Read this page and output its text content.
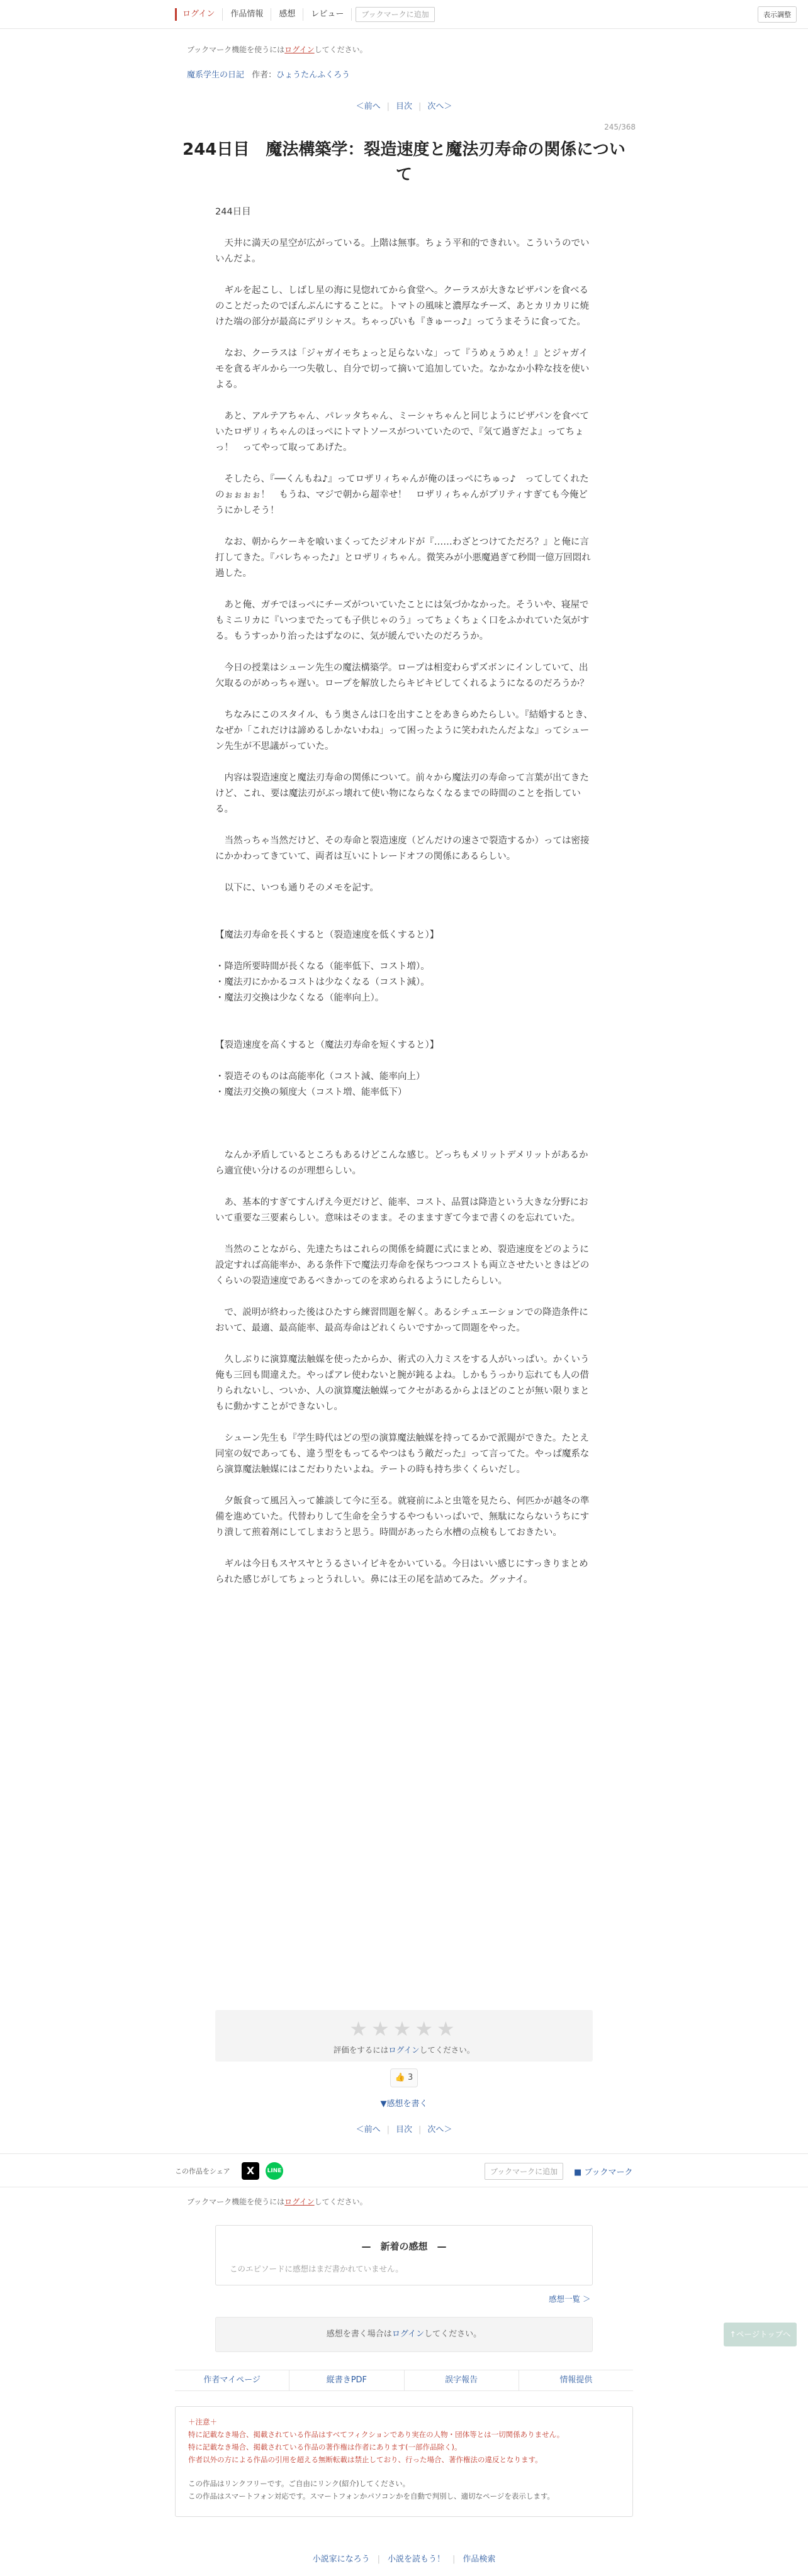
ログイン	作品情報	感想	レビュー	ブックマークに追加	表示調整
ブックマーク機能を使うにはログインしてください。
魔系学生の日記 作者：ひょうたんふくろう
＜前へ | 目次 | 次へ＞
245/368
244日目　魔法構築学：裂造速度と魔法刃寿命の関係について

244日目

　天井に満天の星空が広がっている。上階は無事。ちょう平和的できれい。こういうのでいいんだよ。

　ギルを起こし、しばし星の海に見惚れてから食堂へ。クーラスが大きなピザパンを食べるのことだったのでぼんぷんにすることに。トマトの風味と濃厚なチーズ、あとカリカリに焼けた端の部分が最高にデリシャス。ちゃっぴいも『きゅーっ♪』ってうまそうに食ってた。

　なお、クーラスは「ジャガイモちょっと足らないな」って『うめぇうめぇ！』とジャガイモを貪るギルから一つ失敬し、自分で切って摘いて追加していた。なかなか小粋な技を使いよる。

　あと、アルテアちゃん、パレッタちゃん、ミーシャちゃんと同じようにピザパンを食べていたロザリィちゃんのほっぺにトマトソースがついていたので、『気て過ぎだよ』ってちょっ！　ってやって取ってあげた。

　そしたら、『──くんもね♪』ってロザリィちゃんが俺のほっぺにちゅっ♪　ってしてくれたのぉぉぉぉ！　もうね、マジで朝から超幸せ！　ロザリィちゃんがプリティすぎても今俺どうにかしそう！

　なお、朝からケーキを喰いまくってたジオルドが『……わざとつけてただろ？』と俺に言打してきた。『バレちゃった♪』とロザリィちゃん。微笑みが小悪魔過ぎて秒間一億万回悶れ過した。

　あと俺、ガチでほっぺにチーズがついていたことには気づかなかった。そういや、寝屋でもミニリカに『いつまでたっても子供じゃのう』ってちょくちょく口をふかれていた気がする。もうすっかり治ったはずなのに、気が緩んでいたのだろうか。

　今日の授業はシューン先生の魔法構築学。ロープは相変わらずズボンにインしていて、出欠取るのがめっちゃ遅い。ロープを解放したらキビキビしてくれるようになるのだろうか？

　ちなみにこのスタイル、もう奥さんは口を出すことをあきらめたらしい。『結婚するとき、なぜか「これだけは諦めるしかないわね」って困ったように笑われたんだよな』ってシューン先生が不思議がっていた。

　内容は裂造速度と魔法刃寿命の関係について。前々から魔法刃の寿命って言葉が出てきたけど、これ、要は魔法刃がぶっ壊れて使い物にならなくなるまでの時間のことを指している。

　当然っちゃ当然だけど、その寿命と裂造速度（どんだけの速さで裂造するか）っては密接にかかわってきていて、両者は互いにトレードオフの関係にあるらしい。

　以下に、いつも通りそのメモを記す。

【魔法刃寿命を長くすると（裂造速度を低くすると）】

・降造所要時間が長くなる（能率低下、コスト増）。

・魔法刃にかかるコストは少なくなる（コスト減）。

・魔法刃交換は少なくなる（能率向上）。

【裂造速度を高くすると（魔法刃寿命を短くすると）】

・裂造そのものは高能率化（コスト減、能率向上）

・魔法刃交換の頻度大（コスト増、能率低下）

　なんか矛盾しているところもあるけどこんな感じ。どっちもメリットデメリットがあるから適宜使い分けるのが理想らしい。

　あ、基本的すぎてすんげえ今更だけど、能率、コスト、品質は降造という大きな分野において重要な三要素らしい。意味はそのまま。そのまますぎて今まで書くのを忘れていた。

　当然のことながら、先達たちはこれらの関係を綺麗に式にまとめ、裂造速度をどのように設定すれば高能率か、ある条件下で魔法刃寿命を保ちつつコストも両立させたいときはどのくらいの裂造速度であるべきかってのを求められるようにしたらしい。

　で、説明が終わった後はひたすら練習問題を解く。あるシチュエーションでの降造条件において、最適、最高能率、最高寿命はどれくらいですかって問題をやった。

　久しぶりに演算魔法触媒を使ったからか、術式の入力ミスをする人がいっぱい。かくいう俺も三回も間違えた。やっぱアレ使わないと腕が鈍るよね。しかもうっかり忘れても人の借りられないし、ついか、人の演算魔法触媒ってクセがあるからよほどのことが無い限りまともに動かすことができないし。

　シューン先生も『学生時代はどの型の演算魔法触媒を持ってるかで派閥ができた。たとえ同室の奴であっても、違う型をもってるやつはもう敵だった』って言ってた。やっぱ魔系なら演算魔法触媒にはこだわりたいよね。テートの時も持ち歩くくらいだし。

　夕飯食って風呂入って雑談して今に至る。就寝前にふと虫篭を見たら、何匹かが越冬の準備を進めていた。代替わりして生命を全うするやつもいっぱいで、無駄にならないうちにすり潰して煎着剤にしてしまおうと思う。時間があったら水槽の点検もしておきたい。

　ギルは今日もスヤスヤとうるさいイビキをかいている。今日はいい感じにすっきりまとめられた感じがしてちょっとうれしい。鼻には王の尾を詰めてみた。グッナイ。

★★★★★
評価をするにはログインしてください。
👍 3
▼感想を書く
＜前へ | 目次 | 次へ＞
この作品をシェア	X	LINE	ブックマークに追加	■ ブックマーク
ブックマーク機能を使うにはログインしてください。
—　新着の感想　—
このエピソードに感想はまだ書かれていません。
感想一覧 ＞
感想を書く場合はログインしてください。	↑ページトップへ
作者マイページ	縦書きPDF	誤字報告	情報提供
＋注意＋
特に記載なき場合、掲載されている作品はすべてフィクションであり実在の人物・団体等とは一切関係ありません。
特に記載なき場合、掲載されている作品の著作権は作者にあります(一部作品除く)。
作者以外の方による作品の引用を超える無断転載は禁止しており、行った場合、著作権法の違反となります。
この作品はリンクフリーです。ご自由にリンク(紹介)してください。
この作品はスマートフォン対応です。スマートフォンかパソコンかを自動で判別し、適切なページを表示します。
小説家になろう | 小説を読もう！ | 作品検索
